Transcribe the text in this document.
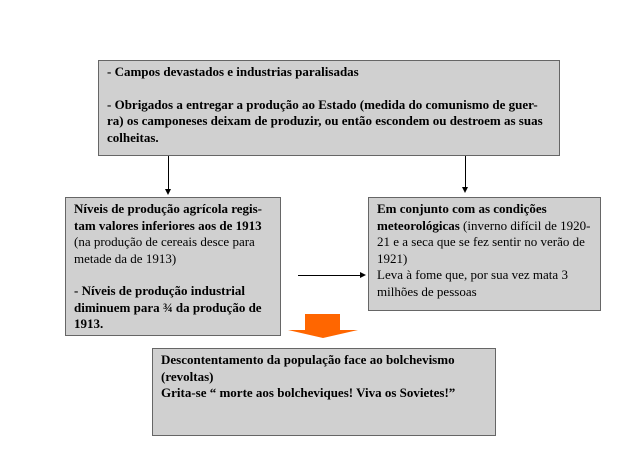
- Campos devastados e industrias paralisadas

- Obrigados a entregar a produção ao Estado (medida do comunismo de guer-ra) os camponeses deixam de produzir, ou então escondem ou destroem as suas colheitas.

Níveis de produção agrícola regis-tam valores inferiores aos de 1913 (na produção de cereais desce para metade da de 1913)

- Níveis de produção industrial diminuem para ¾ da produção de 1913.

Em conjunto com as condições meteorológicas (inverno difícil de 1920-21 e a seca que se fez sentir no verão de 1921)

Leva à fome que, por sua vez mata 3 milhões de pessoas

Descontentamento da população face ao bolchevismo (revoltas)

Grita-se “ morte aos bolcheviques! Viva os Sovietes!”
